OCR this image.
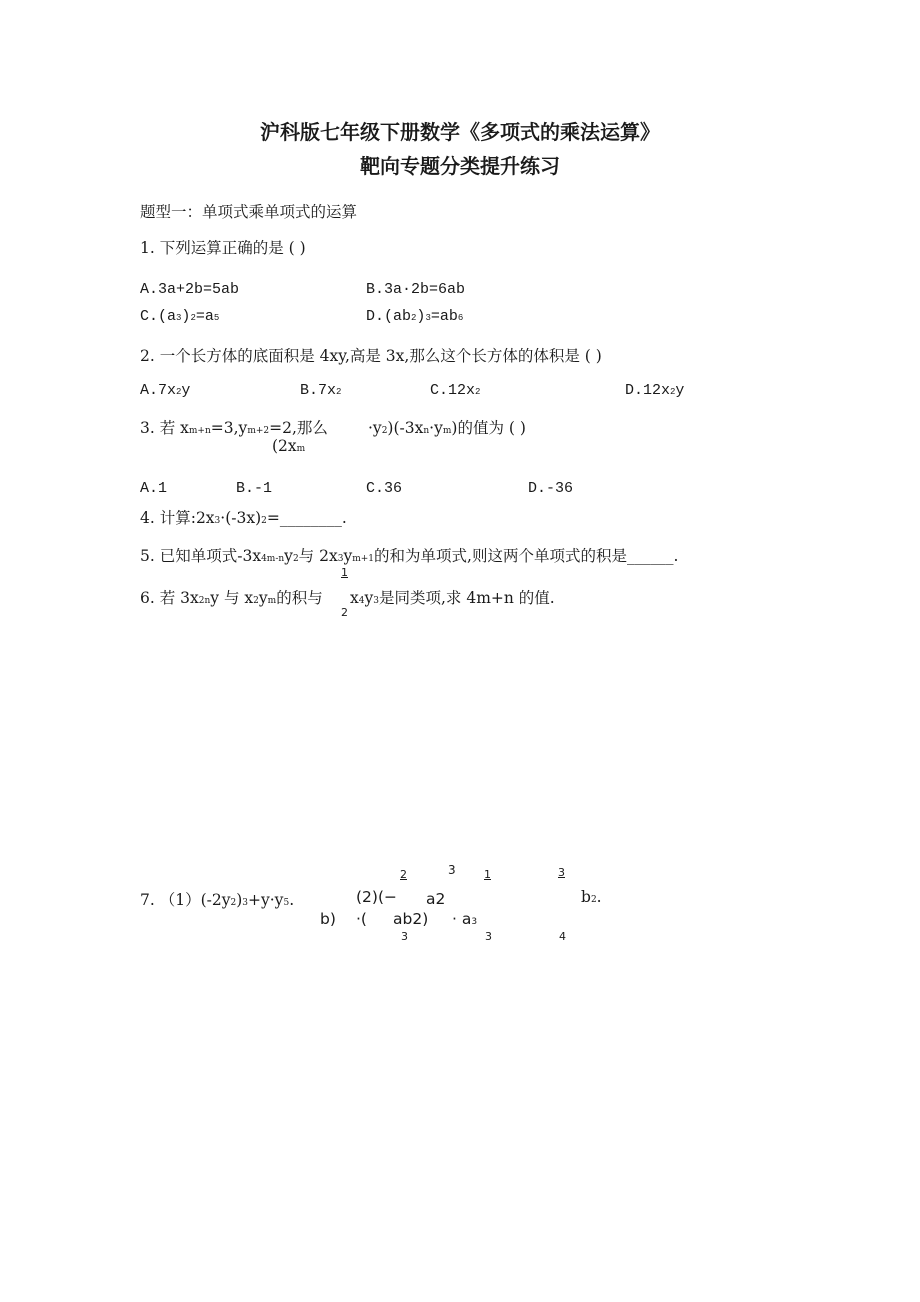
沪科版七年级下册数学《多项式的乘法运算》
靶向专题分类提升练习
题型一：单项式乘单项式的运算
1. 下列运算正确的是 ( )
A.3a+2b=5ab	B.3a·2b=6ab
C.(a3)2=a5	D.(ab2)3=ab6
2. 一个长方体的底面积是 4xy,高是 3x,那么这个长方体的体积是 ( )
A.7x2y	B.7x2	C.12x2	D.12x2y
3. 若 xm+n=3,ym+2=2,那么	·y2)(-3xn·ym)的值为 ( )
(2xm
A.1	B.-1	C.36	D.-36
4. 计算:2x3·(-3x)2=________.
5. 已知单项式-3x4m-ny2与 2x3ym+1的和为单项式,则这两个单项式的积是______.
6. 若 3x2ny 与 x2ym的积与
1
2
x4y3是同类项,求 4m+n 的值.
7. （1）(-2y2)3+y·y5.	(2)(−
2	3	1	3
a2	b2.
b) ·( ab2) · a3
3	3	4
